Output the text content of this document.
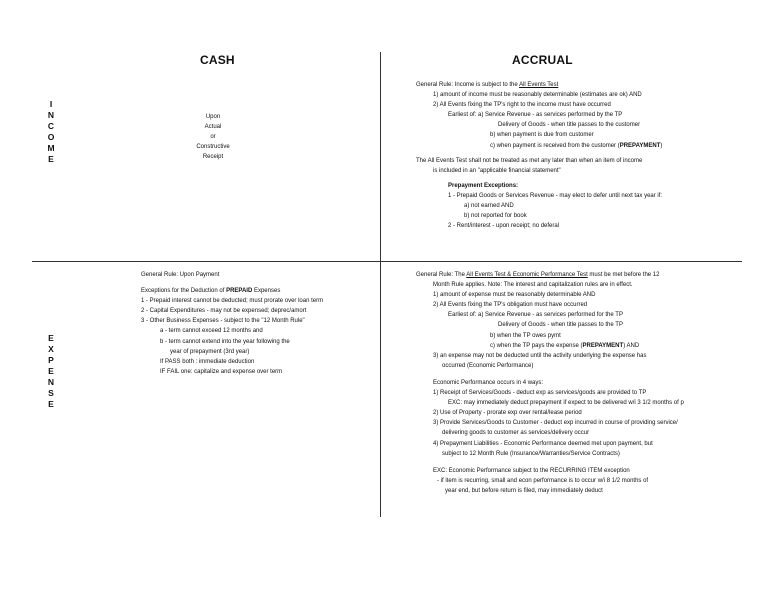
CASH	ACCRUAL
I
N
C
O
M
E
E
X
P
E
N
S
E
Upon
Actual
or
Constructive
Receipt
General Rule: Income is subject to the All Events Test
1) amount of income must be reasonably determinable (estimates are ok) AND
2) All Events fixing the TP's right to the income must have occurred
Earliest of: a) Service Revenue - as services performed by the TP
Delivery of Goods - when title passes to the customer
b) when payment is due from customer
c) when payment is received from the customer (PREPAYMENT)
The All Events Test shall not be treated as met any later than when an item of income
is included in an "applicable financial statement"
Prepayment Exceptions:
1 - Prepaid Goods or Services Revenue - may elect to defer until next tax year if:
a) not earned AND
b) not reported for book
2 - Rent/interest - upon receipt; no deferal
General Rule: Upon Payment
Exceptions for the Deduction of PREPAID Expenses
1 - Prepaid interest cannot be deducted; must prorate over loan term
2 - Capital Expenditures - may not be expensed; deprec/amort
3 - Other Business Expenses - subject to the "12 Month Rule"
a - term cannot exceed 12 months and
b - term cannot extend into the year following the
year of prepayment (3rd year)
If PASS both : immediate deduction
IF FAIL one: capitalize and expense over term
General Rule: The All Events Test & Economic Performance Test must be met before the 12
Month Rule applies. Note: The interest and capitalization rules are in effect.
1) amount of expense must be reasonably determinable AND
2) All Events fixing the TP's obligation must have occurred
Earliest of: a) Service Revenue - as services performed for the TP
Delivery of Goods - when title passes to the TP
b) when the TP owes pymt
c) when the TP pays the expense (PREPAYMENT) AND
3) an expense may not be deducted until the activity underlying the expense has
occurred (Economic Performance)
Economic Performance occurs in 4 ways:
1) Receipt of Services/Goods - deduct exp as services/goods are provided to TP
EXC: may immediately deduct prepayment if expect to be delivered w/i 3 1/2 months of p
2) Use of Property - prorate exp over rental/lease period
3) Provide Services/Goods to Customer - deduct exp incurred in course of providing service/
delivering goods to customer as services/delivery occur
4) Prepayment Liabilities - Economic Performance deemed met upon payment, but
subject to 12 Month Rule (Insurance/Warranties/Service Contracts)
EXC: Economic Performance subject to the RECURRING ITEM exception
- if item is recurring, small and econ performance is to occur w/i 8 1/2 months of
year end, but before return is filed, may immediately deduct
